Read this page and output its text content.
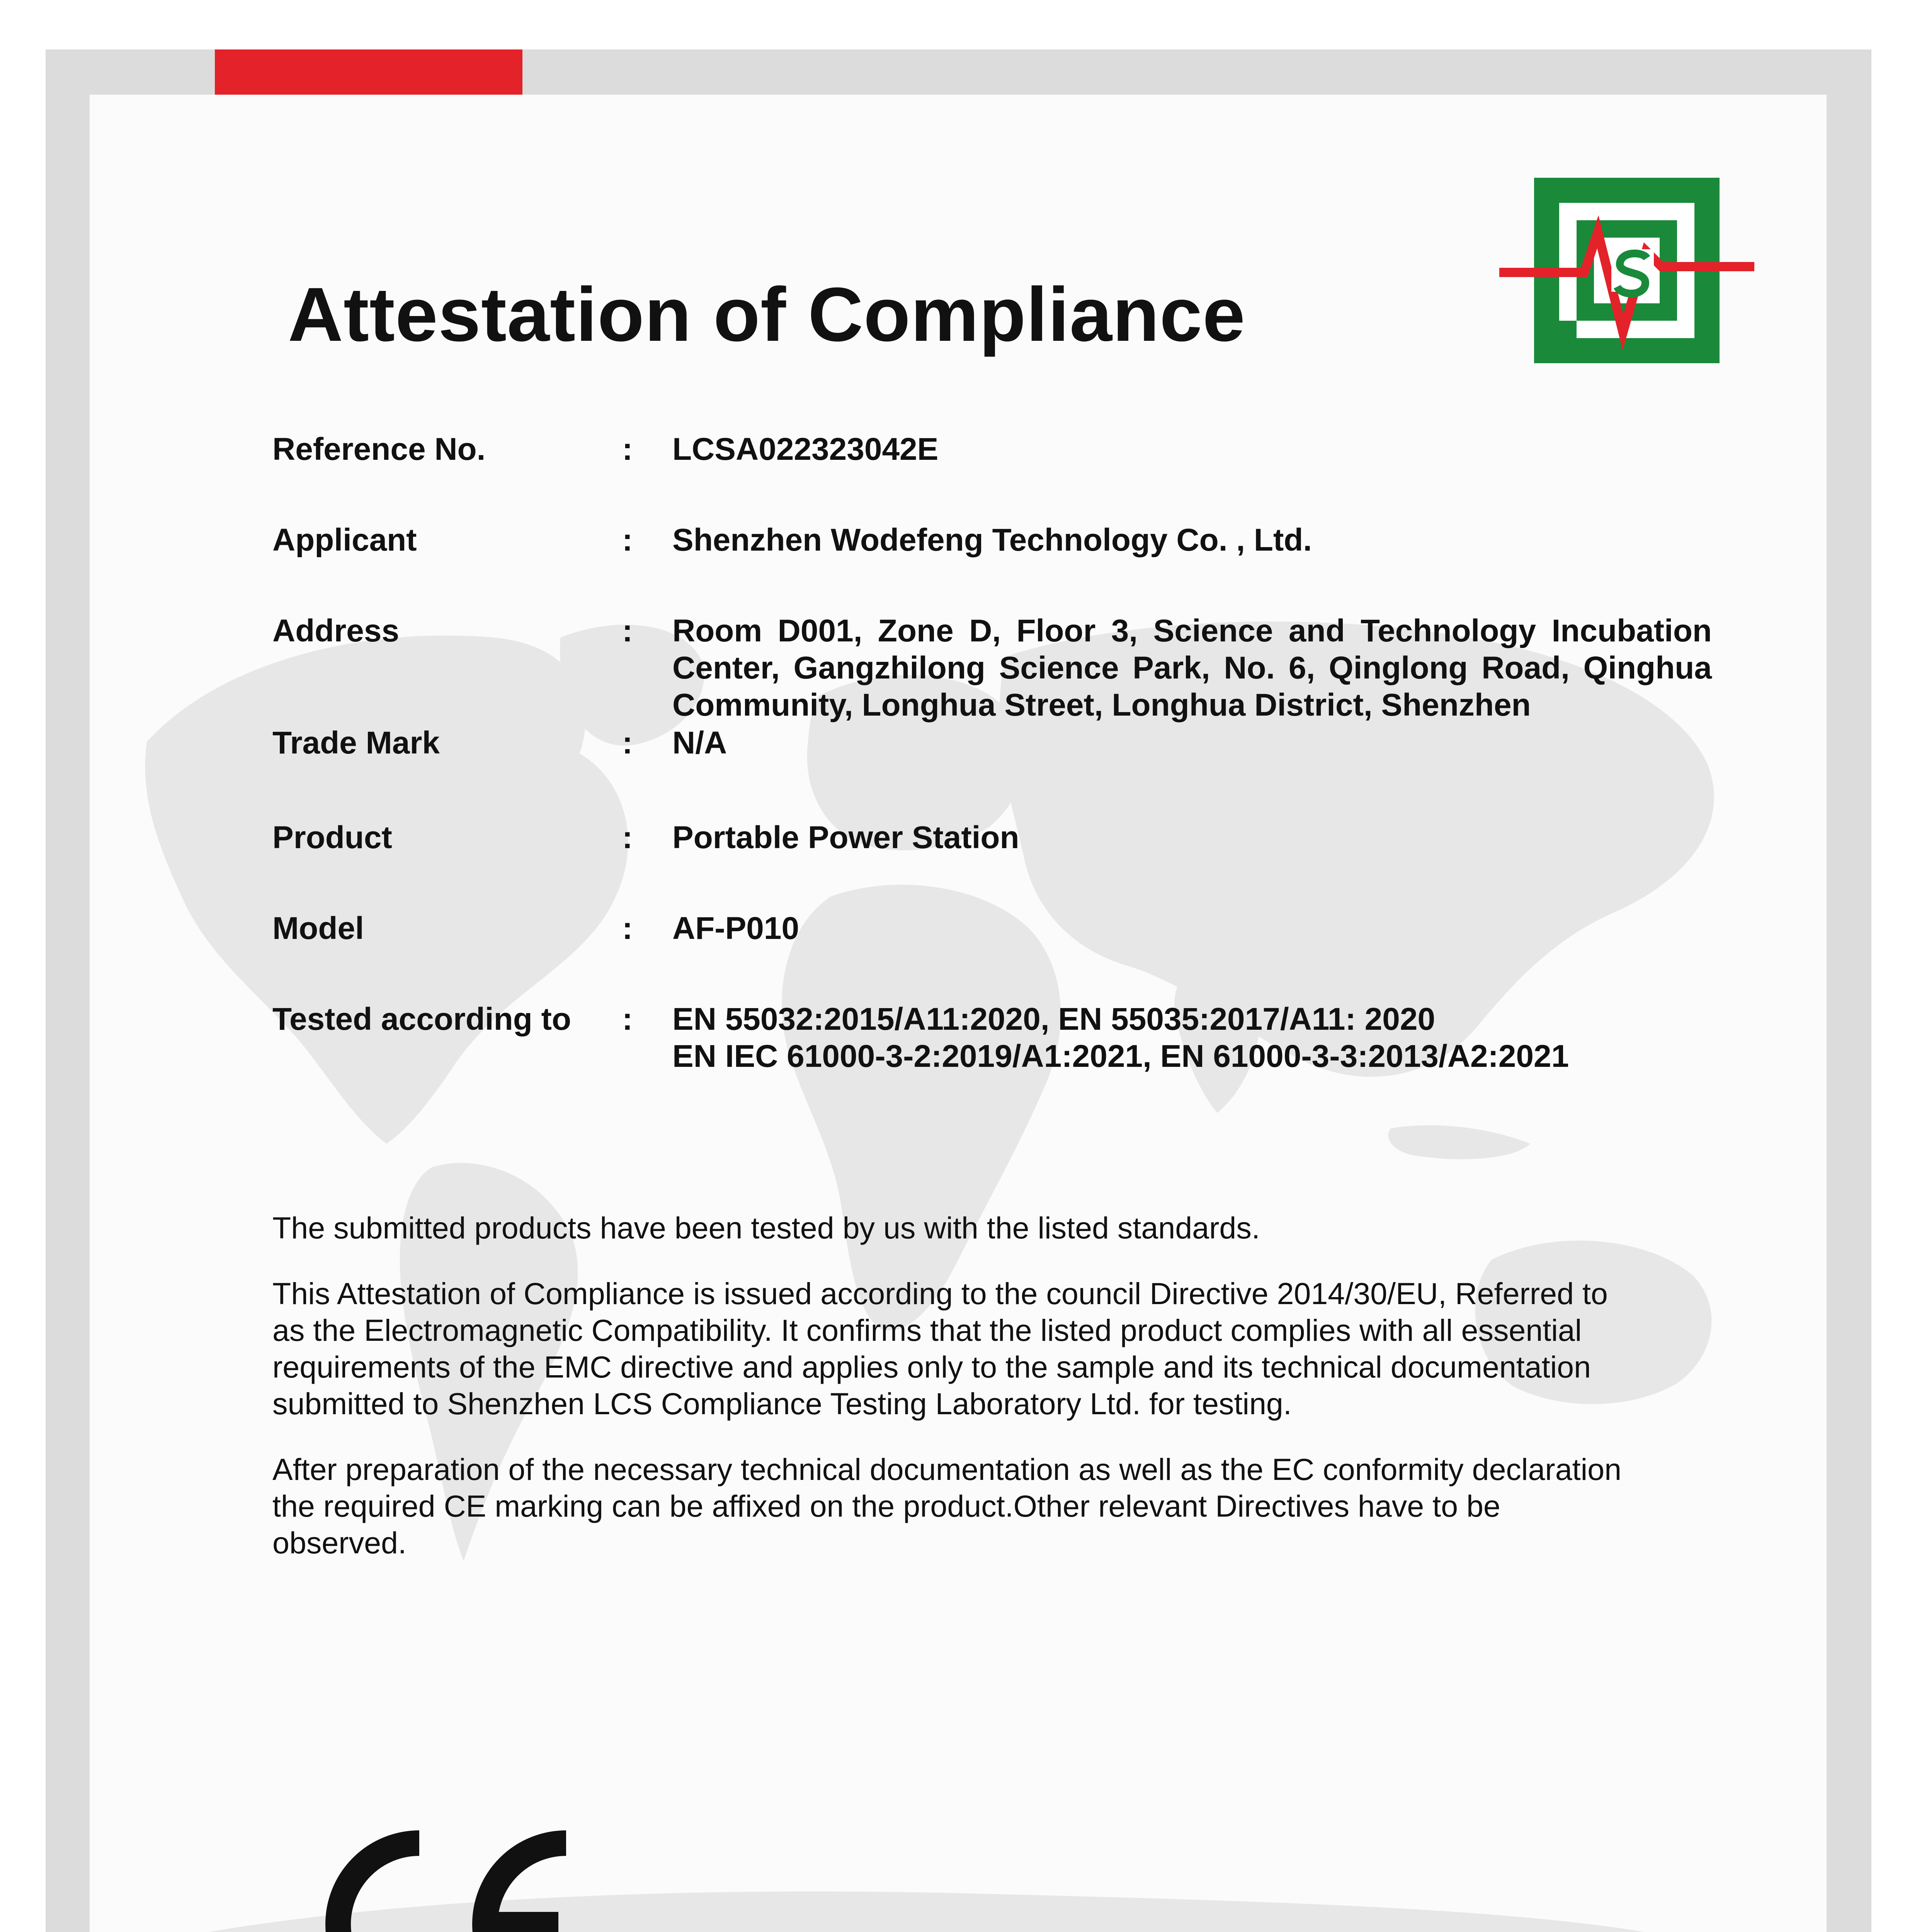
Attestation of Compliance
Reference No.	: LCSA022323042E
Applicant	: Shenzhen Wodefeng Technology Co. , Ltd.
Address	: Room D001, Zone D, Floor 3, Science and Technology Incubation
Center, Gangzhilong Science Park, No. 6, Qinglong Road, Qinghua
Community, Longhua Street, Longhua District, Shenzhen
Trade Mark	: N/A
Product	: Portable Power Station
Model	: AF-P010
Tested according to	: EN 55032:2015/A11:2020, EN 55035:2017/A11: 2020
EN IEC 61000-3-2:2019/A1:2021, EN 61000-3-3:2013/A2:2021
The submitted products have been tested by us with the listed standards.
This Attestation of Compliance is issued according to the council Directive 2014/30/EU, Referred to
as the Electromagnetic Compatibility. It confirms that the listed product complies with all essential
requirements of the EMC directive and applies only to the sample and its technical documentation
submitted to Shenzhen LCS Compliance Testing Laboratory Ltd. for testing.
After preparation of the necessary technical documentation as well as the EC conformity declaration
the required CE marking can be affixed on the product.Other relevant Directives have to be
observed.
